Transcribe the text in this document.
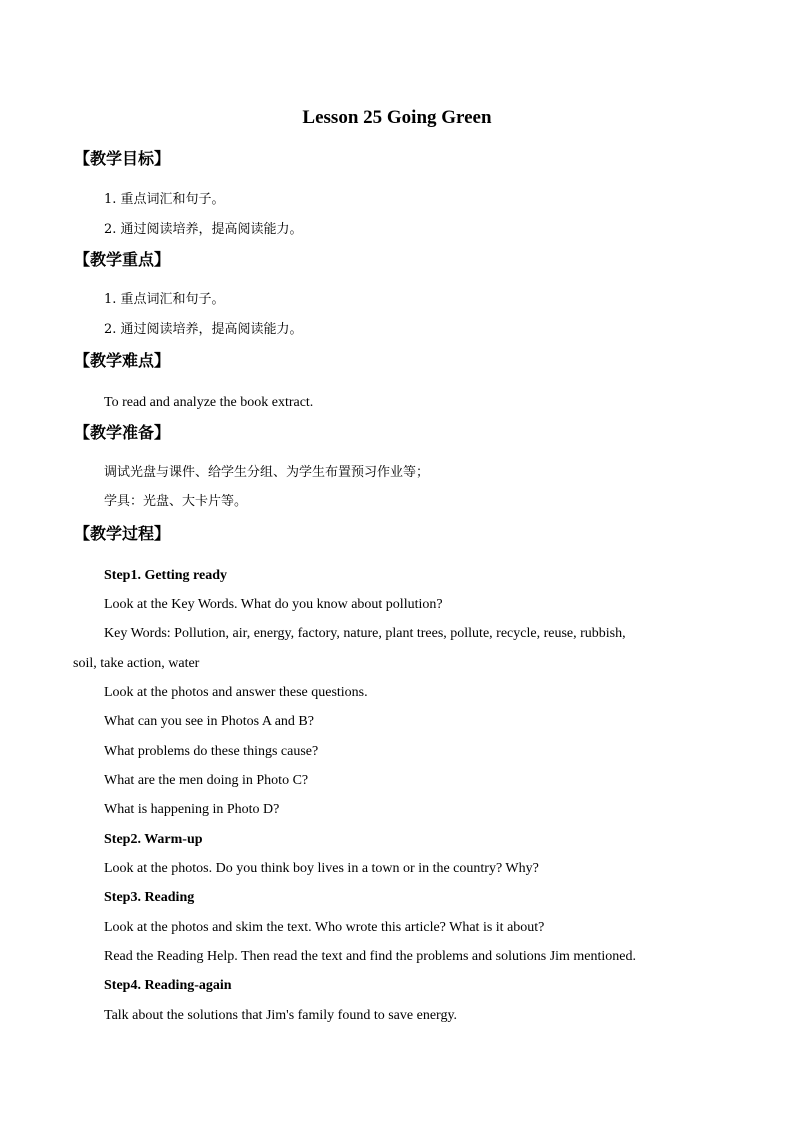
Lesson 25 Going Green
【教学目标】
1. 重点词汇和句子。
2. 通过阅读培养，提高阅读能力。
【教学重点】
1. 重点词汇和句子。
2. 通过阅读培养，提高阅读能力。
【教学难点】
To read and analyze the book extract.
【教学准备】
调试光盘与课件、给学生分组、为学生布置预习作业等；
学具：光盘、大卡片等。
【教学过程】
Step1. Getting ready
Look at the Key Words. What do you know about pollution?
Key Words: Pollution, air, energy, factory, nature, plant trees, pollute, recycle, reuse, rubbish,
soil, take action, water
Look at the photos and answer these questions.
What can you see in Photos A and B?
What problems do these things cause?
What are the men doing in Photo C?
What is happening in Photo D?
Step2. Warm-up
Look at the photos. Do you think boy lives in a town or in the country? Why?
Step3. Reading
Look at the photos and skim the text. Who wrote this article? What is it about?
Read the Reading Help. Then read the text and find the problems and solutions Jim mentioned.
Step4. Reading-again
Talk about the solutions that Jim's family found to save energy.
